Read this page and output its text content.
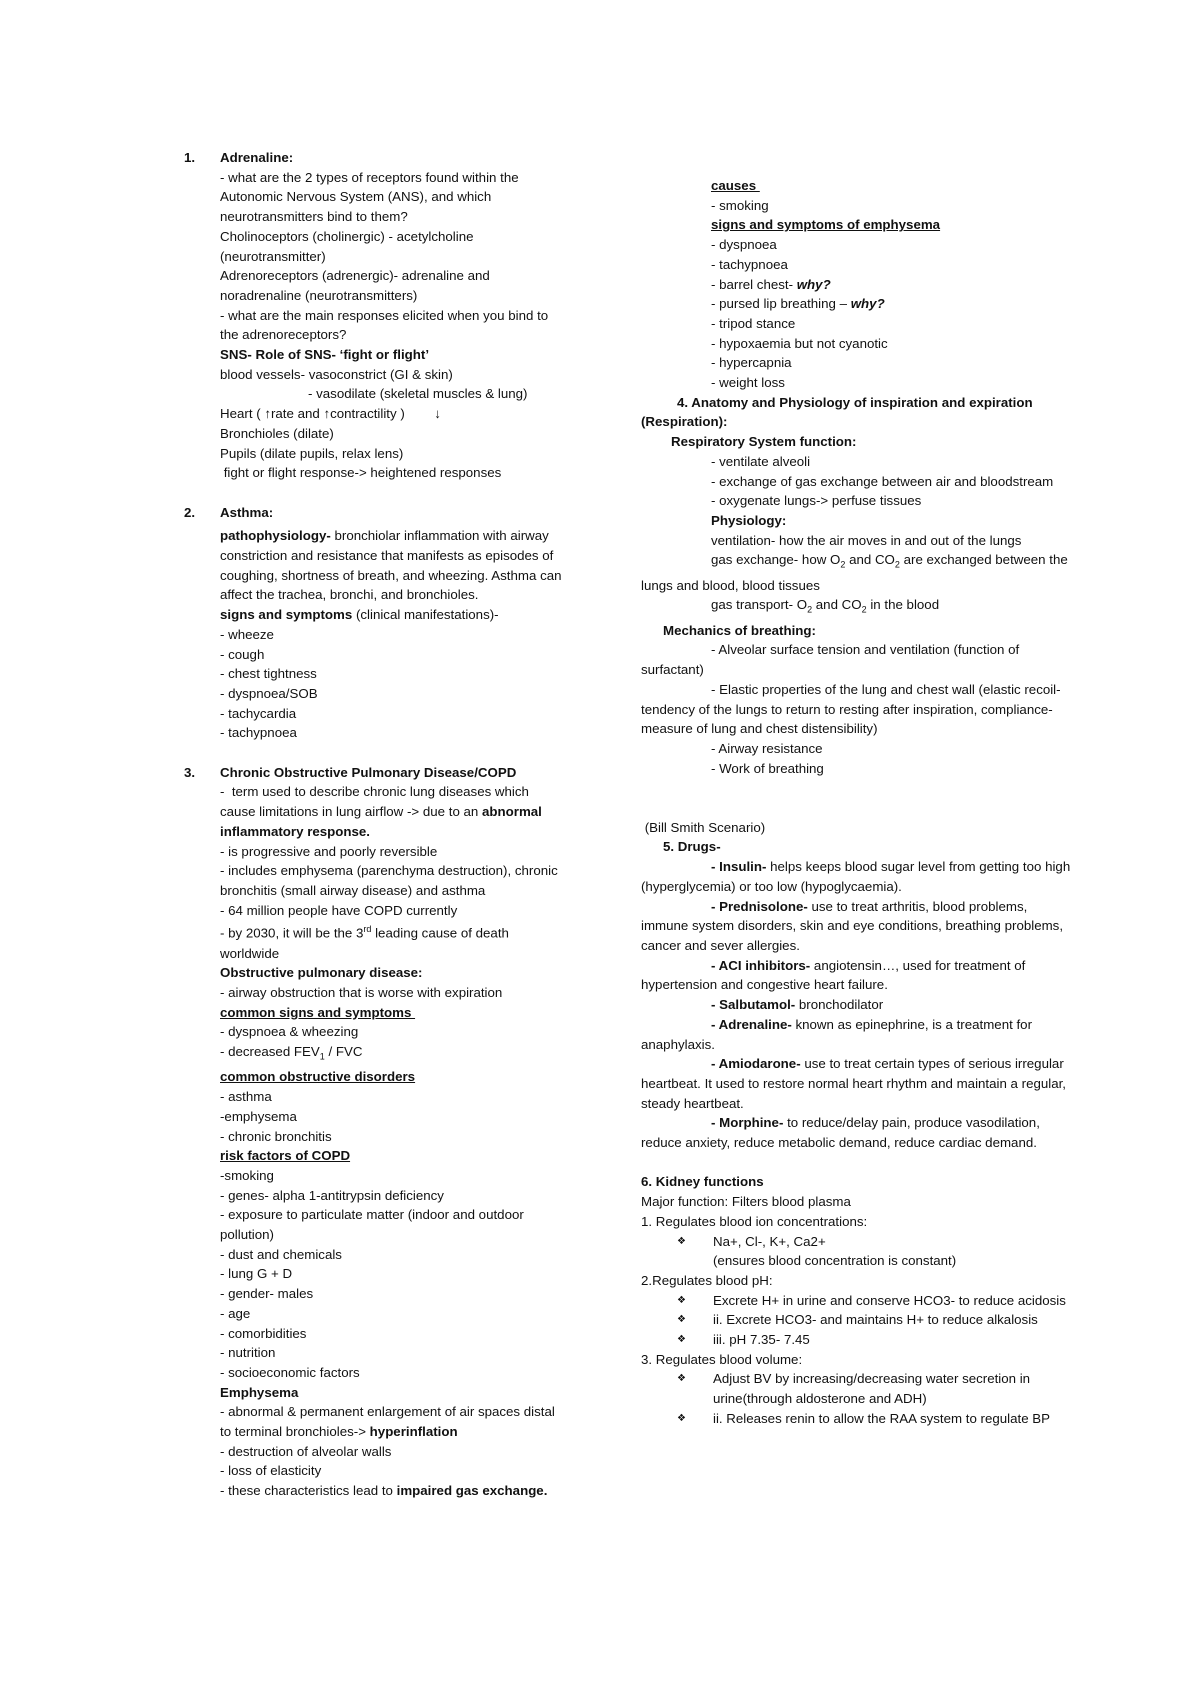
1. Adrenaline:
- what are the 2 types of receptors found within the Autonomic Nervous System (ANS), and which neurotransmitters bind to them?
Cholinoceptors (cholinergic) - acetylcholine (neurotransmitter)
Adrenoreceptors (adrenergic)- adrenaline and noradrenaline (neurotransmitters)
- what are the main responses elicited when you bind to the adrenoreceptors?
SNS- Role of SNS- ‘fight or flight’
blood vessels- vasoconstrict (GI & skin)
- vasodilate (skeletal muscles & lung)
Heart ( ↑rate and ↑contractility )        ↓
Bronchioles (dilate)
Pupils (dilate pupils, relax lens)
fight or flight response-> heightened responses
2. Asthma:
pathophysiology- bronchiolar inflammation with airway constriction and resistance that manifests as episodes of coughing, shortness of breath, and wheezing. Asthma can affect the trachea, bronchi, and bronchioles.
signs and symptoms (clinical manifestations)-
- wheeze
- cough
- chest tightness
- dyspnoea/SOB
- tachycardia
- tachypnoea
3. Chronic Obstructive Pulmonary Disease/COPD
-  term used to describe chronic lung diseases which cause limitations in lung airflow -> due to an abnormal inflammatory response.
- is progressive and poorly reversible
- includes emphysema (parenchyma destruction), chronic bronchitis (small airway disease) and asthma
- 64 million people have COPD currently
- by 2030, it will be the 3rd leading cause of death worldwide
Obstructive pulmonary disease:
- airway obstruction that is worse with expiration
common signs and symptoms
- dyspnoea & wheezing
- decreased $FEV_1$ / FVC
common obstructive disorders
- asthma
-emphysema
- chronic bronchitis
risk factors of COPD
-smoking
- genes- alpha 1-antitrypsin deficiency
- exposure to particulate matter (indoor and outdoor pollution)
- dust and chemicals
- lung G + D
- gender- males
- age
- comorbidities
- nutrition
- socioeconomic factors
Emphysema
- abnormal & permanent enlargement of air spaces distal to terminal bronchioles-> hyperinflation
- destruction of alveolar walls
- loss of elasticity
- these characteristics lead to impaired gas exchange.
causes
- smoking
signs and symptoms of emphysema
- dyspnoea
- tachypnoea
- barrel chest- why?
- pursed lip breathing – why?
- tripod stance
- hypoxaemia but not cyanotic
- hypercapnia
- weight loss
4. Anatomy and Physiology of inspiration and expiration (Respiration):
Respiratory System function:
- ventilate alveoli
- exchange of gas exchange between air and bloodstream
- oxygenate lungs-> perfuse tissues
Physiology:
ventilation- how the air moves in and out of the lungs
gas exchange- how $O_2$ and $CO_2$ are exchanged between the lungs and blood, blood tissues
gas transport- $O_2$ and $CO_2$ in the blood
Mechanics of breathing:
- Alveolar surface tension and ventilation (function of surfactant)
- Elastic properties of the lung and chest wall (elastic recoil- tendency of the lungs to return to resting after inspiration, compliance- measure of lung and chest distensibility)
- Airway resistance
- Work of breathing
(Bill Smith Scenario)
5. Drugs-
- Insulin- helps keeps blood sugar level from getting too high (hyperglycemia) or too low (hypoglycaemia).
- Prednisolone- use to treat arthritis, blood problems, immune system disorders, skin and eye conditions, breathing problems, cancer and sever allergies.
- ACI inhibitors- angiotensin…, used for treatment of hypertension and congestive heart failure.
- Salbutamol- bronchodilator
- Adrenaline- known as epinephrine, is a treatment for anaphylaxis.
- Amiodarone- use to treat certain types of serious irregular heartbeat. It used to restore normal heart rhythm and maintain a regular, steady heartbeat.
- Morphine- to reduce/delay pain, produce vasodilation, reduce anxiety, reduce metabolic demand, reduce cardiac demand.
6. Kidney functions
Major function: Filters blood plasma
1. Regulates blood ion concentrations:
❖ Na+, Cl-, K+, Ca2+
(ensures blood concentration is constant)
2.Regulates blood pH:
❖ Excrete H+ in urine and conserve HCO3- to reduce acidosis
❖ ii. Excrete HCO3- and maintains H+ to reduce alkalosis
❖ iii. pH 7.35- 7.45
3. Regulates blood volume:
❖ Adjust BV by increasing/decreasing water secretion in urine(through aldosterone and ADH)
❖ ii. Releases renin to allow the RAA system to regulate BP
